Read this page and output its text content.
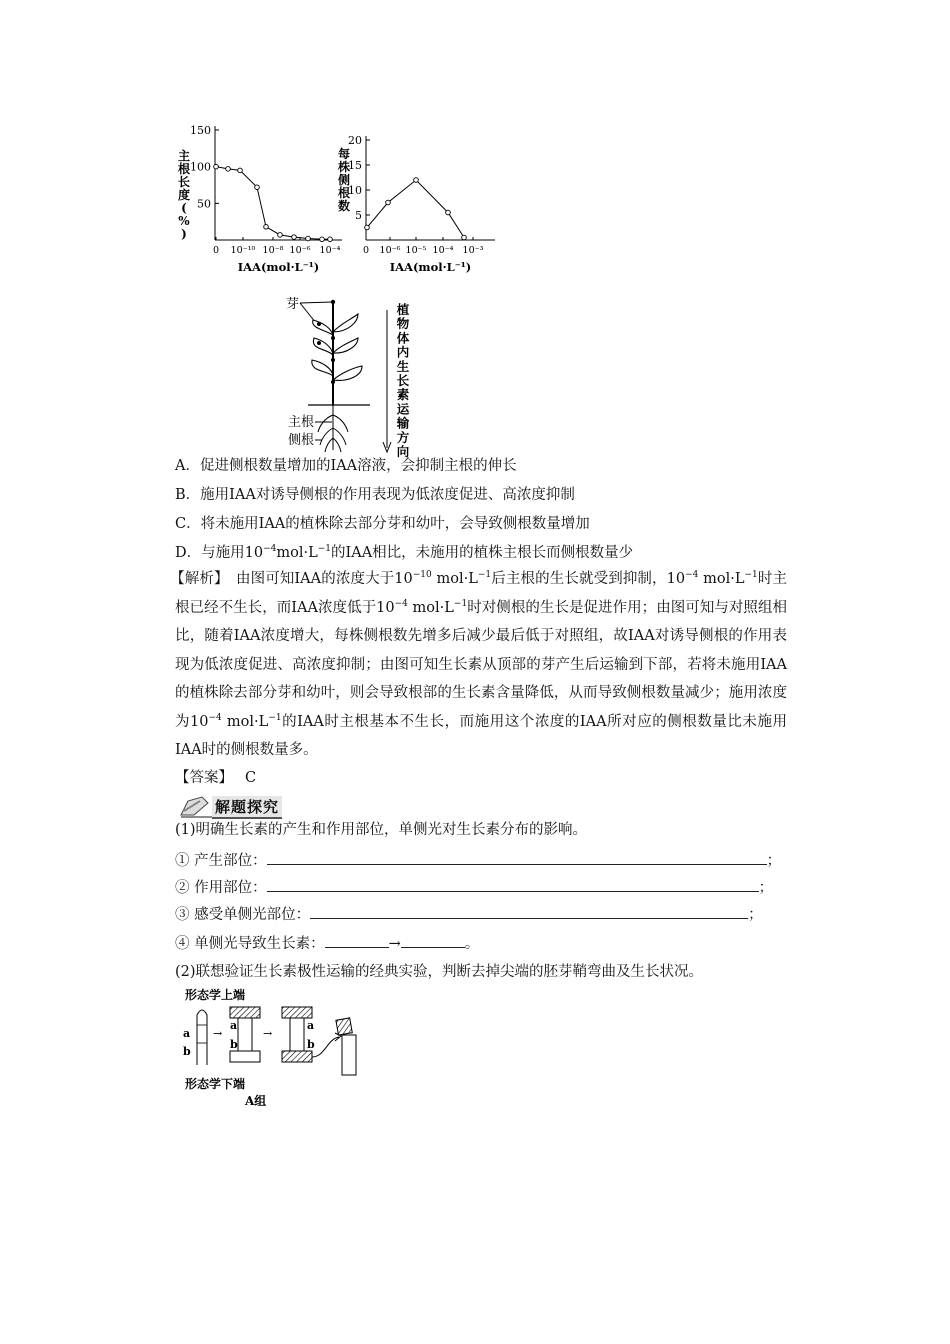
150
100
50
0 10⁻¹⁰ 10⁻⁸ 10⁻⁶ 10⁻⁴
IAA(mol·L⁻¹)
主根长度( % )
20
15
10
5
0 10⁻⁶ 10⁻⁵ 10⁻⁴ 10⁻³
IAA(mol·L⁻¹)
每株侧根数
芽
主根
侧根
植物体内生长素运输方向
A．促进侧根数量增加的IAA溶液，会抑制主根的伸长
B．施用IAA对诱导侧根的作用表现为低浓度促进、高浓度抑制
C．将未施用IAA的植株除去部分芽和幼叶，会导致侧根数量增加
D．与施用$10^{-4}mol\cdot L^{-1}$的IAA相比，未施用的植株主根长而侧根数量少
【解析】　由图可知IAA的浓度大于$10^{-10}$ $mol\cdot L^{-1}$后主根的生长就受到抑制，$10^{-4}$ $mol\cdot L^{-1}$时主根已经不生长，而IAA浓度低于$10^{-4}$ $mol\cdot L^{-1}$时对侧根的生长是促进作用；由图可知与对照组相比，随着IAA浓度增大，每株侧根数先增多后减少最后低于对照组，故IAA对诱导侧根的作用表现为低浓度促进、高浓度抑制；由图可知生长素从顶部的芽产生后运输到下部，若将未施用IAA的植株除去部分芽和幼叶，则会导致根部的生长素含量降低，从而导致侧根数量减少；施用浓度为$10^{-4}$ $mol\cdot L^{-1}$的IAA时主根基本不生长，而施用这个浓度的IAA所对应的侧根数量比未施用IAA时的侧根数量多。
【答案】 C
解题探究
(1)明确生长素的产生和作用部位，单侧光对生长素分布的影响。
① 产生部位：	；
② 作用部位：	；
③ 感受单侧光部位：	；
④ 单侧光导致生长素：	→	。
(2)联想验证生长素极性运输的经典实验，判断去掉尖端的胚芽鞘弯曲及生长状况。
形态学上端
a
b
→
a
b
→
a
b
形态学下端
A组
